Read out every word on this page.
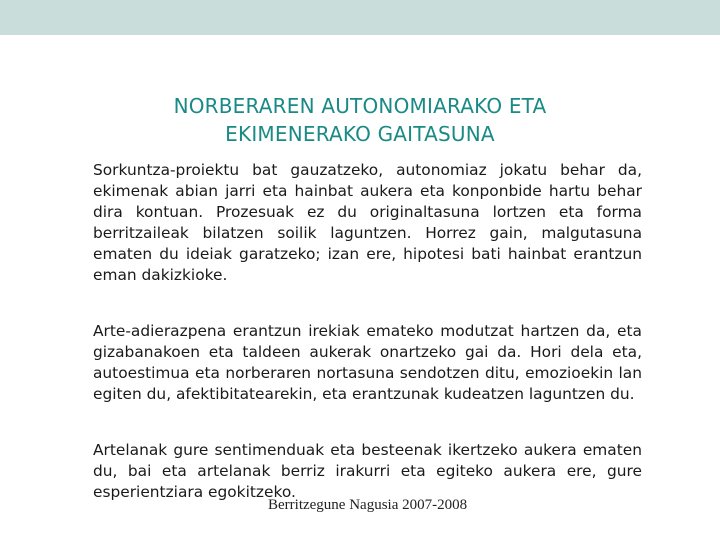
NORBERAREN AUTONOMIARAKO ETA
EKIMENERAKO GAITASUNA

Sorkuntza-proiektu bat gauzatzeko, autonomiaz jokatu behar da, ekimenak abian jarri eta hainbat aukera eta konponbide hartu behar dira kontuan. Prozesuak ez du originaltasuna lortzen eta forma berritzaileak bilatzen soilik laguntzen. Horrez gain, malgutasuna ematen du ideiak garatzeko; izan ere, hipotesi bati hainbat erantzun eman dakizkioke.

Arte-adierazpena erantzun irekiak emateko modutzat hartzen da, eta gizabanakoen eta taldeen aukerak onartzeko gai da. Hori dela eta, autoestimua eta norberaren nortasuna sendotzen ditu, emozioekin lan egiten du, afektibitatearekin, eta erantzunak kudeatzen laguntzen du.

Artelanak gure sentimenduak eta besteenak ikertzeko aukera ematen du, bai eta artelanak berriz irakurri eta egiteko aukera ere, gure esperientziara egokitzeko.

Berritzegune Nagusia 2007-2008
